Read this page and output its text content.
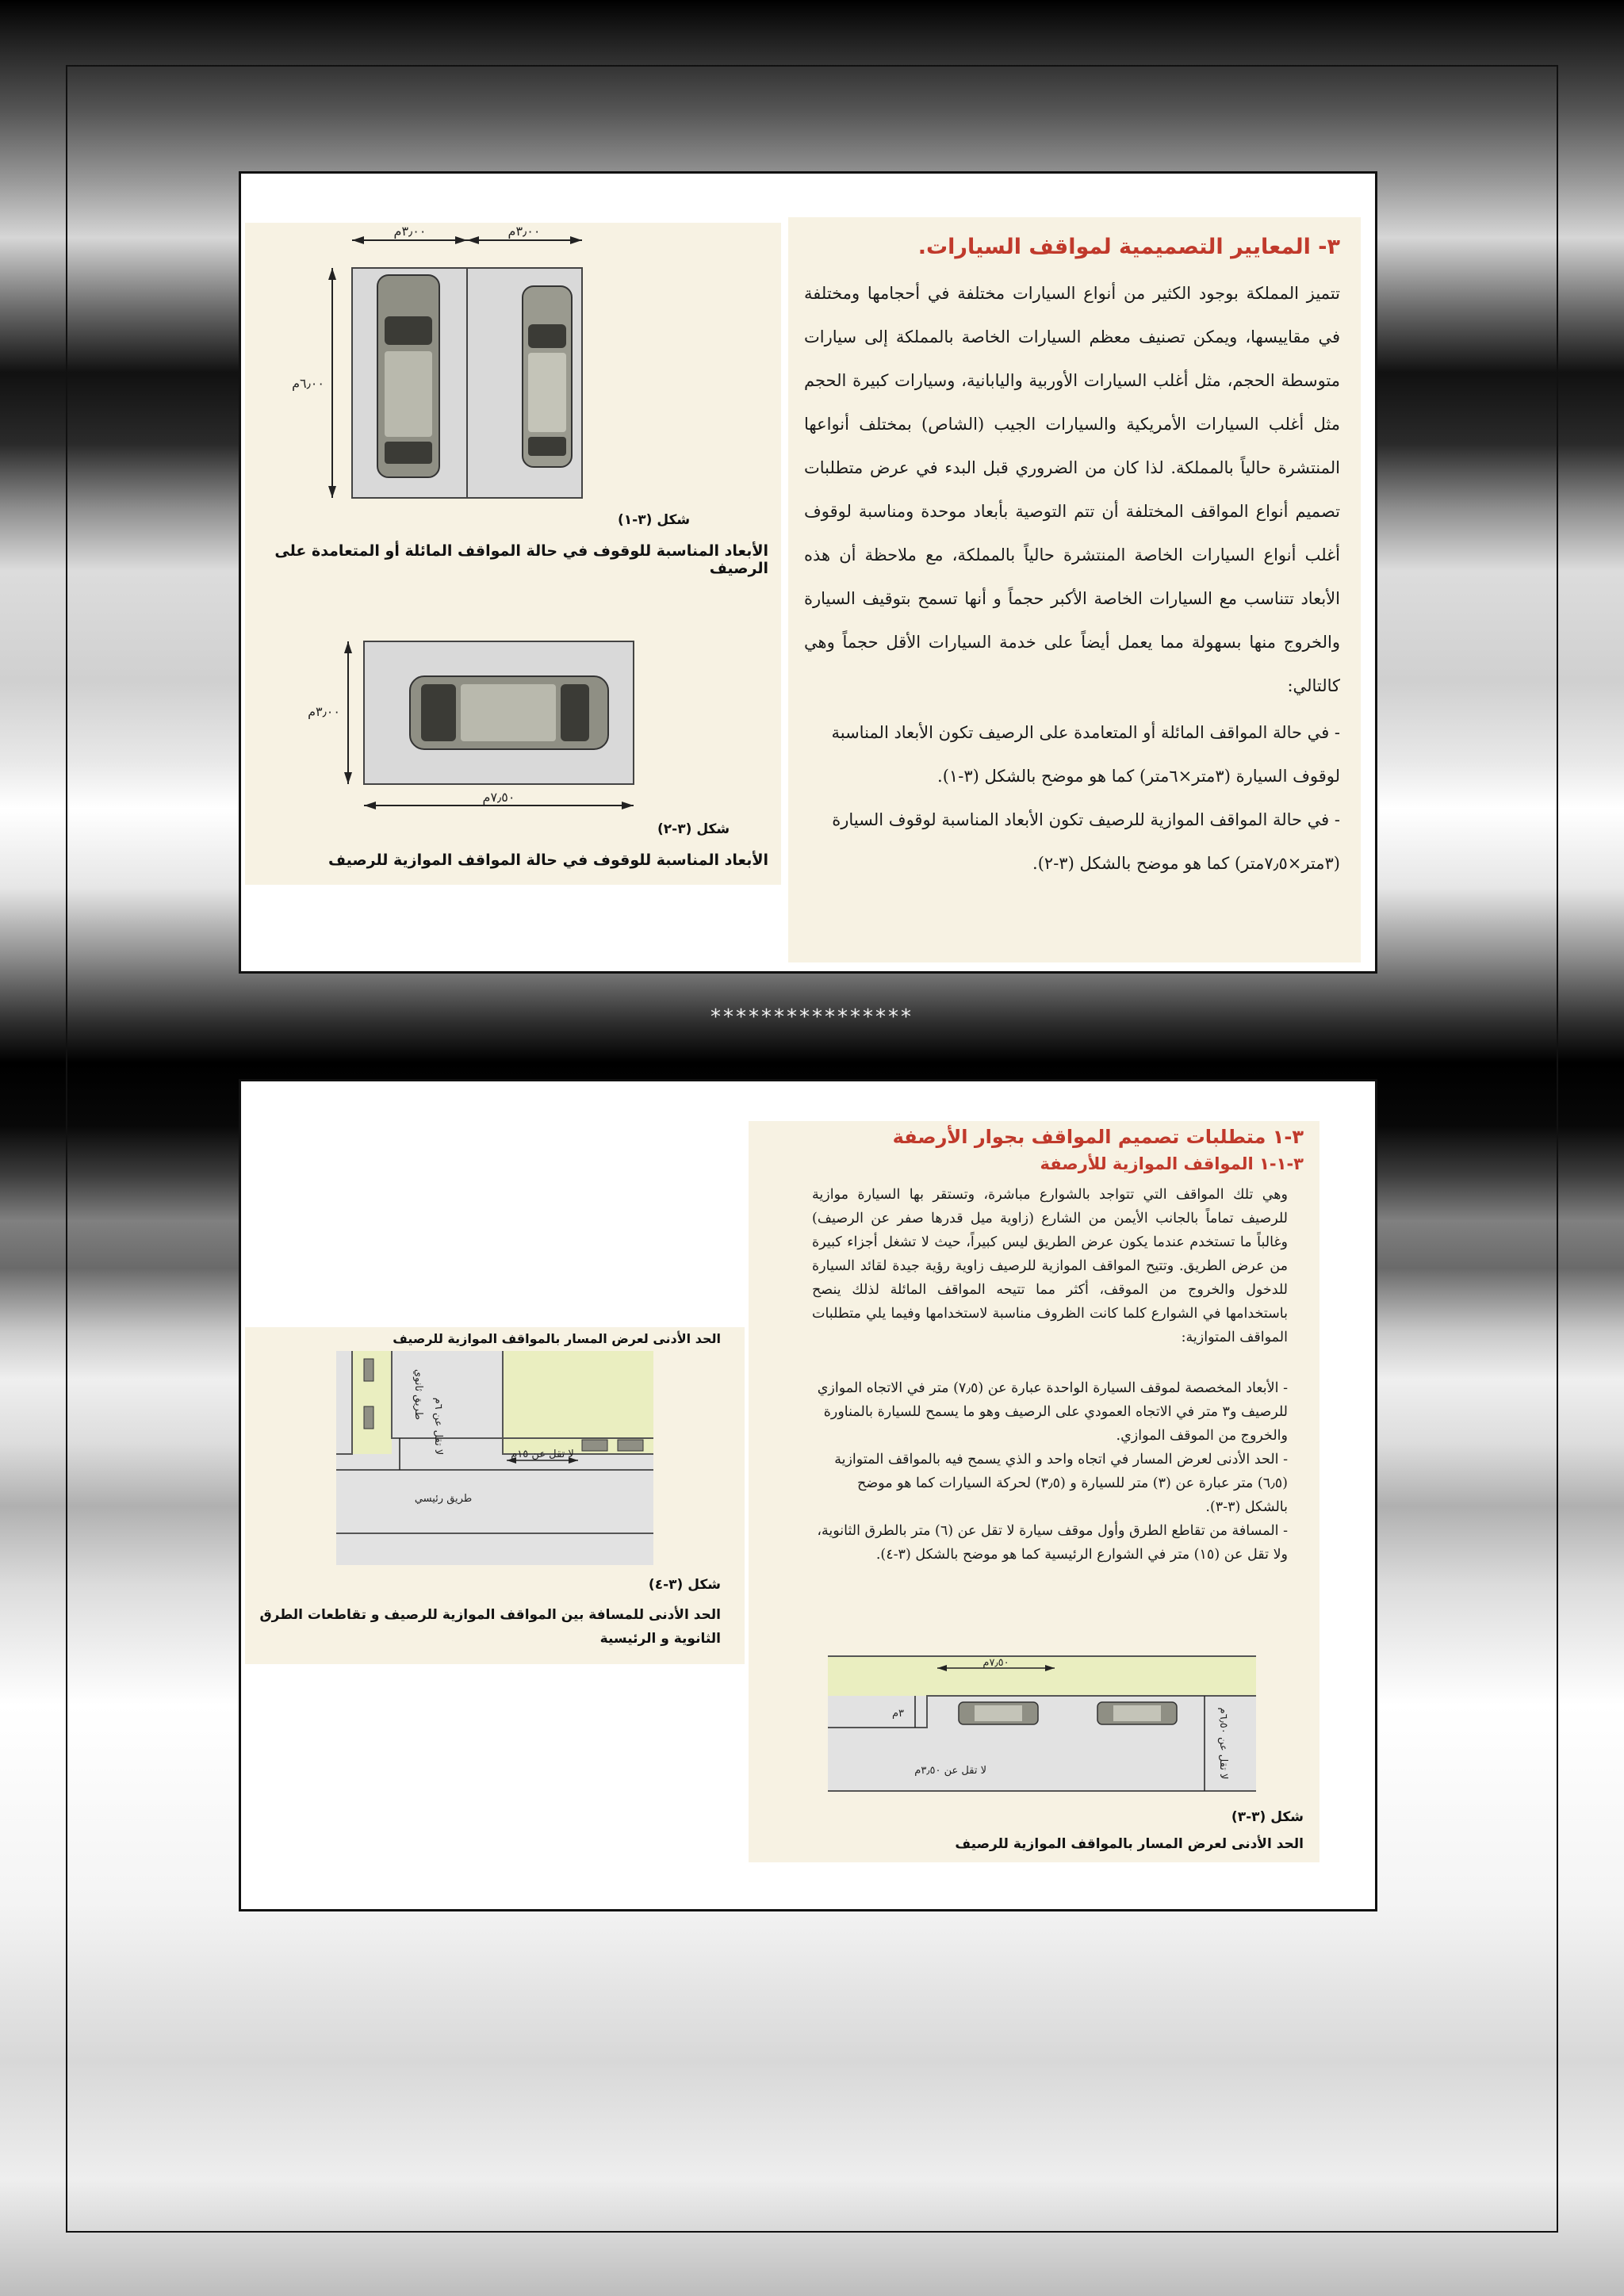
٣- المعايير التصميمية لمواقف السيارات.
تتميز المملكة بوجود الكثير من أنواع السيارات مختلفة في أحجامها ومختلفة في مقاييسها، ويمكن تصنيف معظم السيارات الخاصة بالمملكة إلى سيارات متوسطة الحجم، مثل أغلب السيارات الأوربية واليابانية، وسيارات كبيرة الحجم مثل أغلب السيارات الأمريكية والسيارات الجيب (الشاص) بمختلف أنواعها المنتشرة حالياً بالمملكة. لذا كان من الضروري قبل البدء في عرض متطلبات تصميم أنواع المواقف المختلفة أن تتم التوصية بأبعاد موحدة ومناسبة لوقوف أغلب أنواع السيارات الخاصة المنتشرة حالياً بالمملكة، مع ملاحظة أن هذه الأبعاد تتناسب مع السيارات الخاصة الأكبر حجماً و أنها تسمح بتوقيف السيارة والخروج منها بسهولة مما يعمل أيضاً على خدمة السيارات الأقل حجماً وهي كالتالي:
- في حالة المواقف المائلة أو المتعامدة على الرصيف تكون الأبعاد المناسبة لوقوف السيارة (٣متر×٦متر) كما هو موضح بالشكل (٣-١).
- في حالة المواقف الموازية للرصيف تكون الأبعاد المناسبة لوقوف السيارة (٣متر×٧٫٥متر) كما هو موضح بالشكل (٣-٢).
٣٫٠٠م	٣٫٠٠م
٦٫٠٠م
شكل (٣-١)
الأبعاد المناسبة للوقوف في حالة المواقف المائلة أو المتعامدة على الرصيف
٣٫٠٠م
٧٫٥٠م
شكل (٣-٢)
الأبعاد المناسبة للوقوف في حالة المواقف الموازية للرصيف
****************
٣-١ متطلبات تصميم المواقف بجوار الأرصفة
٣-١-١ المواقف الموازية للأرصفة
وهي تلك المواقف التي تتواجد بالشوارع مباشرة، وتستقر بها السيارة موازية للرصيف تماماً بالجانب الأيمن من الشارع (زاوية ميل قدرها صفر عن الرصيف) وغالباً ما تستخدم عندما يكون عرض الطريق ليس كبيراً، حيث لا تشغل أجزاء كبيرة من عرض الطريق. وتتيح المواقف الموازية للرصيف زاوية رؤية جيدة لقائد السيارة للدخول والخروج من الموقف، أكثر مما تتيحه المواقف المائلة لذلك ينصح باستخدامها في الشوارع كلما كانت الظروف مناسبة لاستخدامها وفيما يلي متطلبات المواقف المتوازية:
- الأبعاد المخصصة لموقف السيارة الواحدة عبارة عن (٧٫٥) متر في الاتجاه الموازي للرصيف و٣ متر في الاتجاه العمودي على الرصيف وهو ما يسمح للسيارة بالمناورة والخروج من الموقف الموازي.
- الحد الأدنى لعرض المسار في اتجاه واحد و الذي يسمح فيه بالمواقف المتوازية (٦٫٥) متر عبارة عن (٣) متر للسيارة و (٣٫٥) لحركة السيارات كما هو موضح بالشكل (٣-٣).
- المسافة من تقاطع الطرق وأول موقف سيارة لا تقل عن (٦) متر بالطرق الثانوية، ولا تقل عن (١٥) متر في الشوارع الرئيسية كما هو موضح بالشكل (٣-٤).
٧٫٥٠م
٣م
لا تقل عن ٣٫٥٠م
لا تقل عن ٦٫٥٠م
شكل (٣-٣)
الحد الأدنى لعرض المسار بالمواقف الموازية للرصيف
الحد الأدنى لعرض المسار بالمواقف الموازية للرصيف
طريق ثانوي لا تقل عن ٦م	لا تقل عن ١٥م
طريق رئيسي
شكل (٣-٤)
الحد الأدنى للمسافة بين المواقف الموازية للرصيف و تقاطعات الطرق الثانوية و الرئيسية
